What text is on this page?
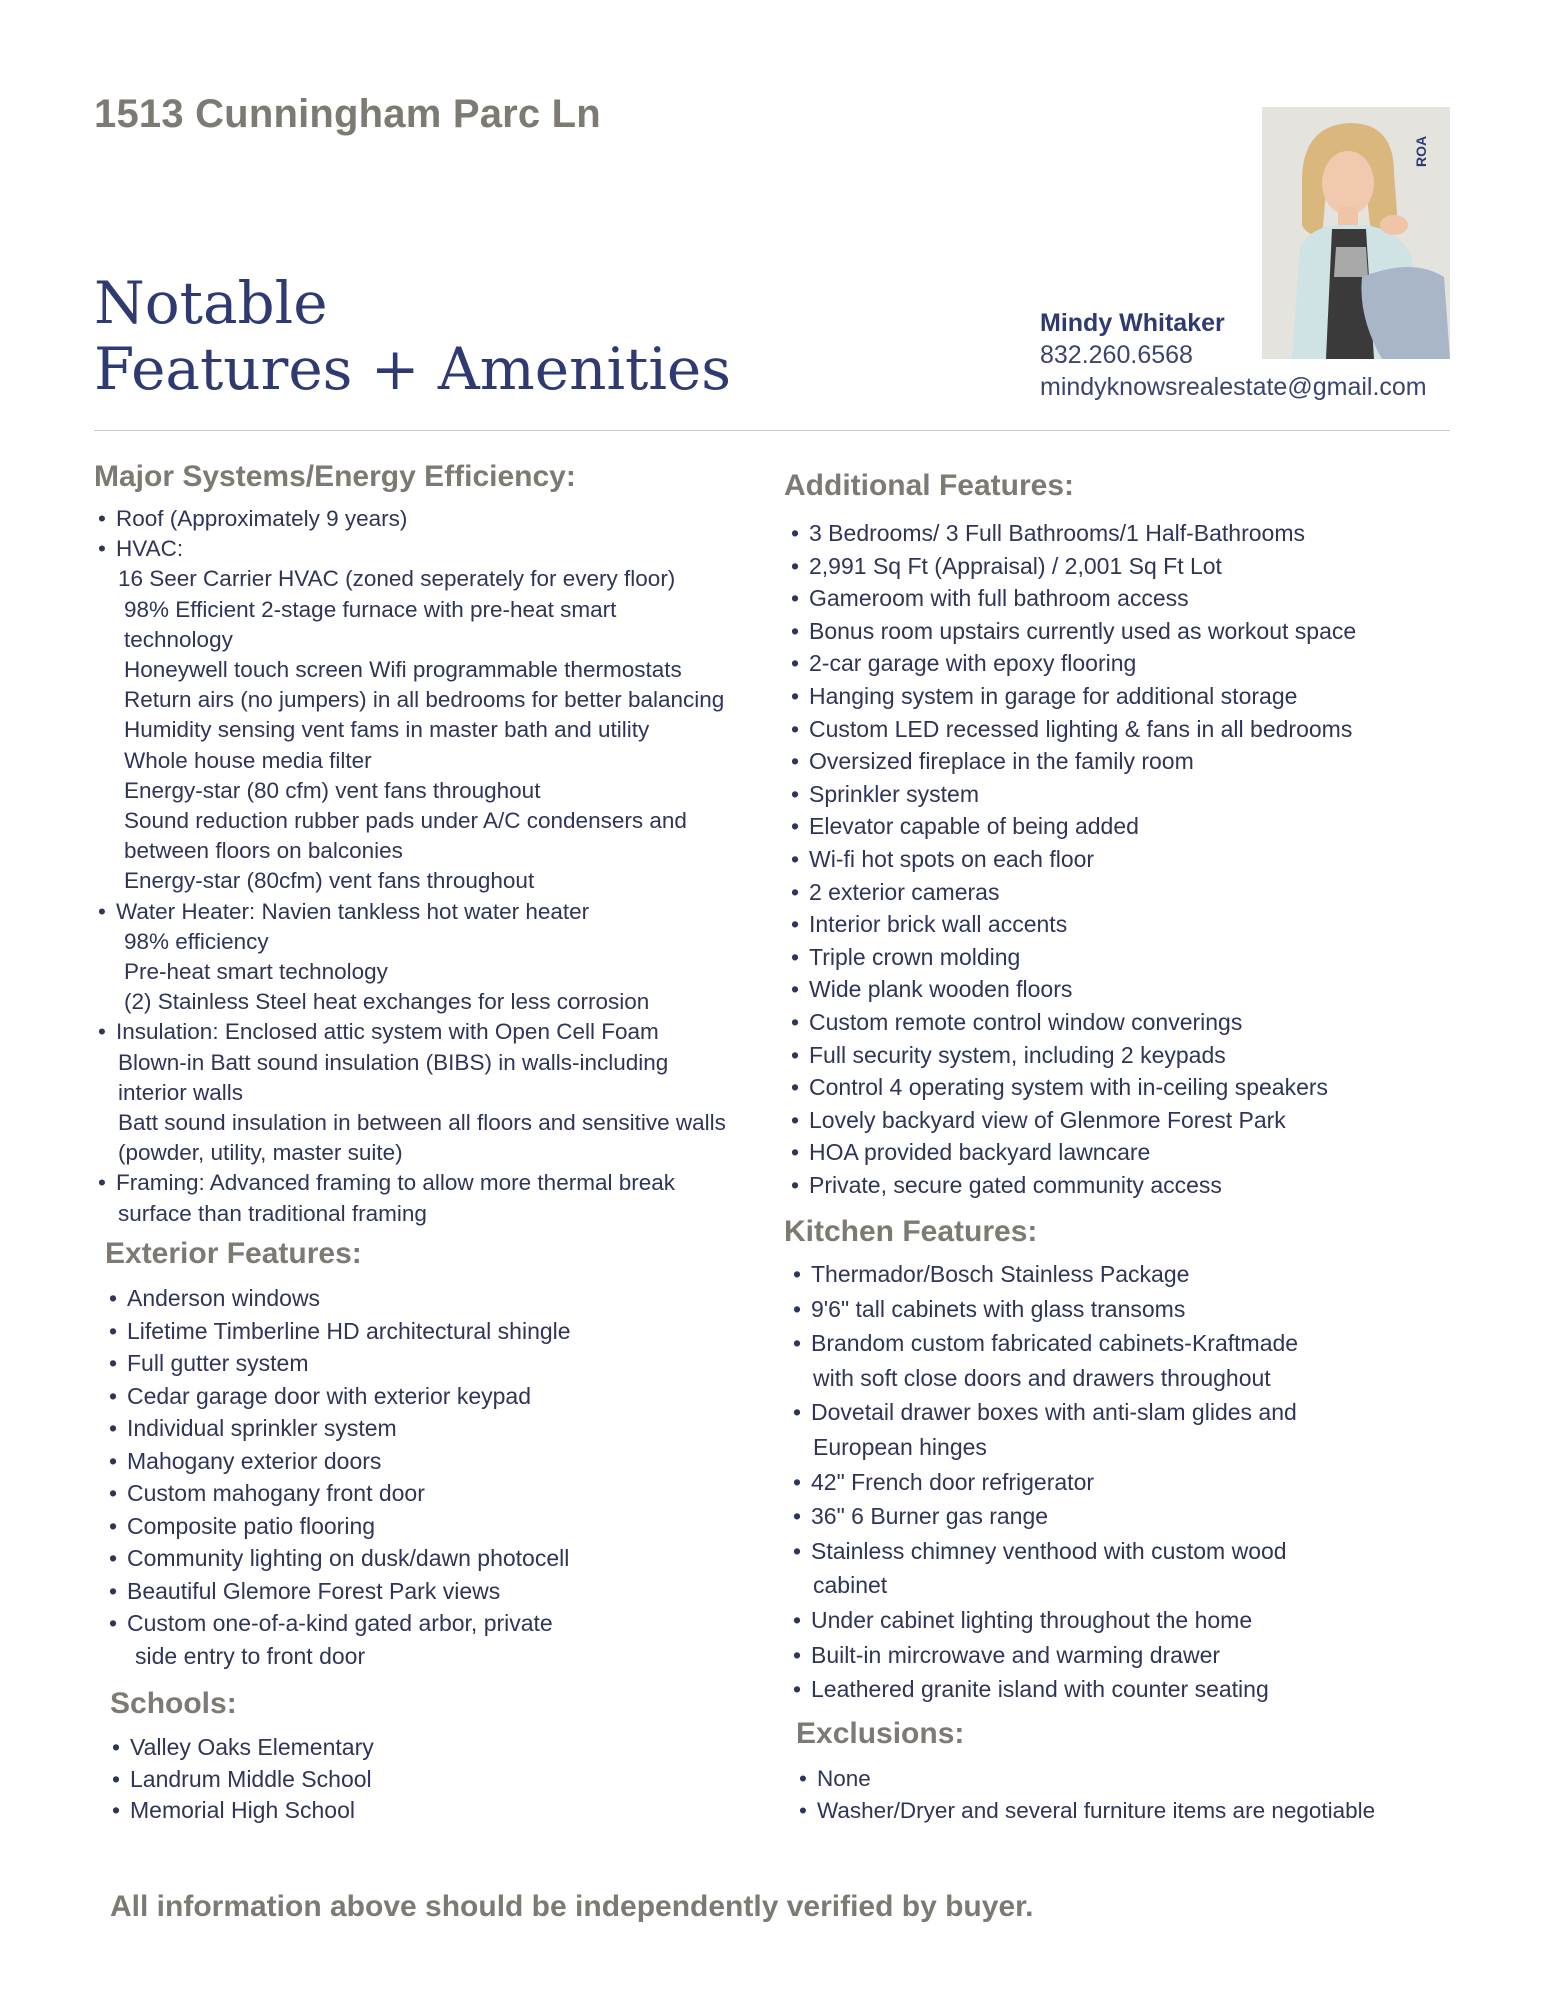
1513 Cunningham Parc Ln
Notable
Features + Amenities
ROA
Mindy Whitaker
832.260.6568
mindyknowsrealestate@gmail.com
Major Systems/Energy Efficiency:
• Roof (Approximately 9 years)
• HVAC:
16 Seer Carrier HVAC (zoned seperately for every floor)
98% Efficient 2-stage furnace with pre-heat smart
technology
Honeywell touch screen Wifi programmable thermostats
Return airs (no jumpers) in all bedrooms for better balancing
Humidity sensing vent fams in master bath and utility
Whole house media filter
Energy-star (80 cfm) vent fans throughout
Sound reduction rubber pads under A/C condensers and
between floors on balconies
Energy-star (80cfm) vent fans throughout
• Water Heater: Navien tankless hot water heater
98% efficiency
Pre-heat smart technology
(2) Stainless Steel heat exchanges for less corrosion
• Insulation: Enclosed attic system with Open Cell Foam
Blown-in Batt sound insulation (BIBS) in walls-including
interior walls
Batt sound insulation in between all floors and sensitive walls
(powder, utility, master suite)
• Framing: Advanced framing to allow more thermal break
surface than traditional framing
Exterior Features:
• Anderson windows
• Lifetime Timberline HD architectural shingle
• Full gutter system
• Cedar garage door with exterior keypad
• Individual sprinkler system
• Mahogany exterior doors
• Custom mahogany front door
• Composite patio flooring
• Community lighting on dusk/dawn photocell
• Beautiful Glemore Forest Park views
• Custom one-of-a-kind gated arbor, private
side entry to front door
Schools:
• Valley Oaks Elementary
• Landrum Middle School
• Memorial High School
Additional Features:
• 3 Bedrooms/ 3 Full Bathrooms/1 Half-Bathrooms
• 2,991 Sq Ft (Appraisal) / 2,001 Sq Ft Lot
• Gameroom with full bathroom access
• Bonus room upstairs currently used as workout space
• 2-car garage with epoxy flooring
• Hanging system in garage for additional storage
• Custom LED recessed lighting & fans in all bedrooms
• Oversized fireplace in the family room
• Sprinkler system
• Elevator capable of being added
• Wi-fi hot spots on each floor
• 2 exterior cameras
• Interior brick wall accents
• Triple crown molding
• Wide plank wooden floors
• Custom remote control window converings
• Full security system, including 2 keypads
• Control 4 operating system with in-ceiling speakers
• Lovely backyard view of Glenmore Forest Park
• HOA provided backyard lawncare
• Private, secure gated community access
Kitchen Features:
• Thermador/Bosch Stainless Package
• 9'6" tall cabinets with glass transoms
• Brandom custom fabricated cabinets-Kraftmade
with soft close doors and drawers throughout
• Dovetail drawer boxes with anti-slam glides and
European hinges
• 42" French door refrigerator
• 36" 6 Burner gas range
• Stainless chimney venthood with custom wood
cabinet
• Under cabinet lighting throughout the home
• Built-in mircrowave and warming drawer
• Leathered granite island with counter seating
Exclusions:
• None
• Washer/Dryer and several furniture items are negotiable

All information above should be independently verified by buyer.
